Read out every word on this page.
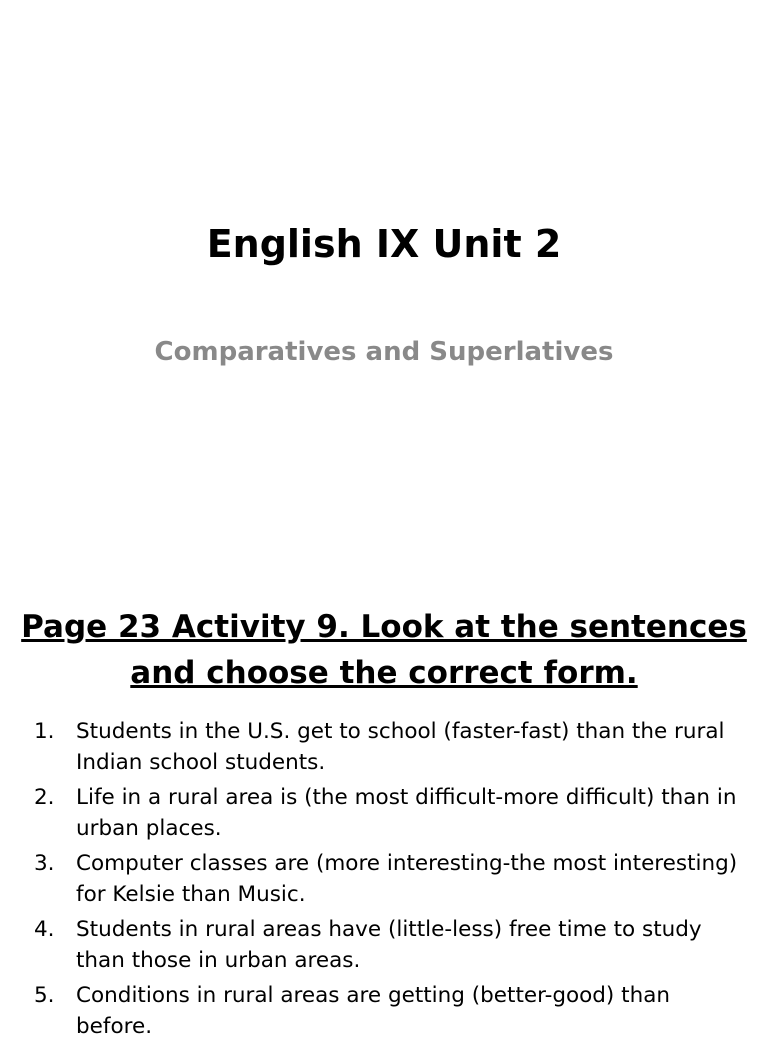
English IX Unit 2

Comparatives and Superlatives

Page 23 Activity 9. Look at the sentences and choose the correct form.
1. Students in the U.S. get to school (faster-fast) than the rural Indian school students.
2. Life in a rural area is (the most difficult-more difficult) than in urban places.
3. Computer classes are (more interesting-the most interesting) for Kelsie than Music.
4. Students in rural areas have (little-less) free time to study than those in urban areas.
5. Conditions in rural areas are getting (better-good) than before.
